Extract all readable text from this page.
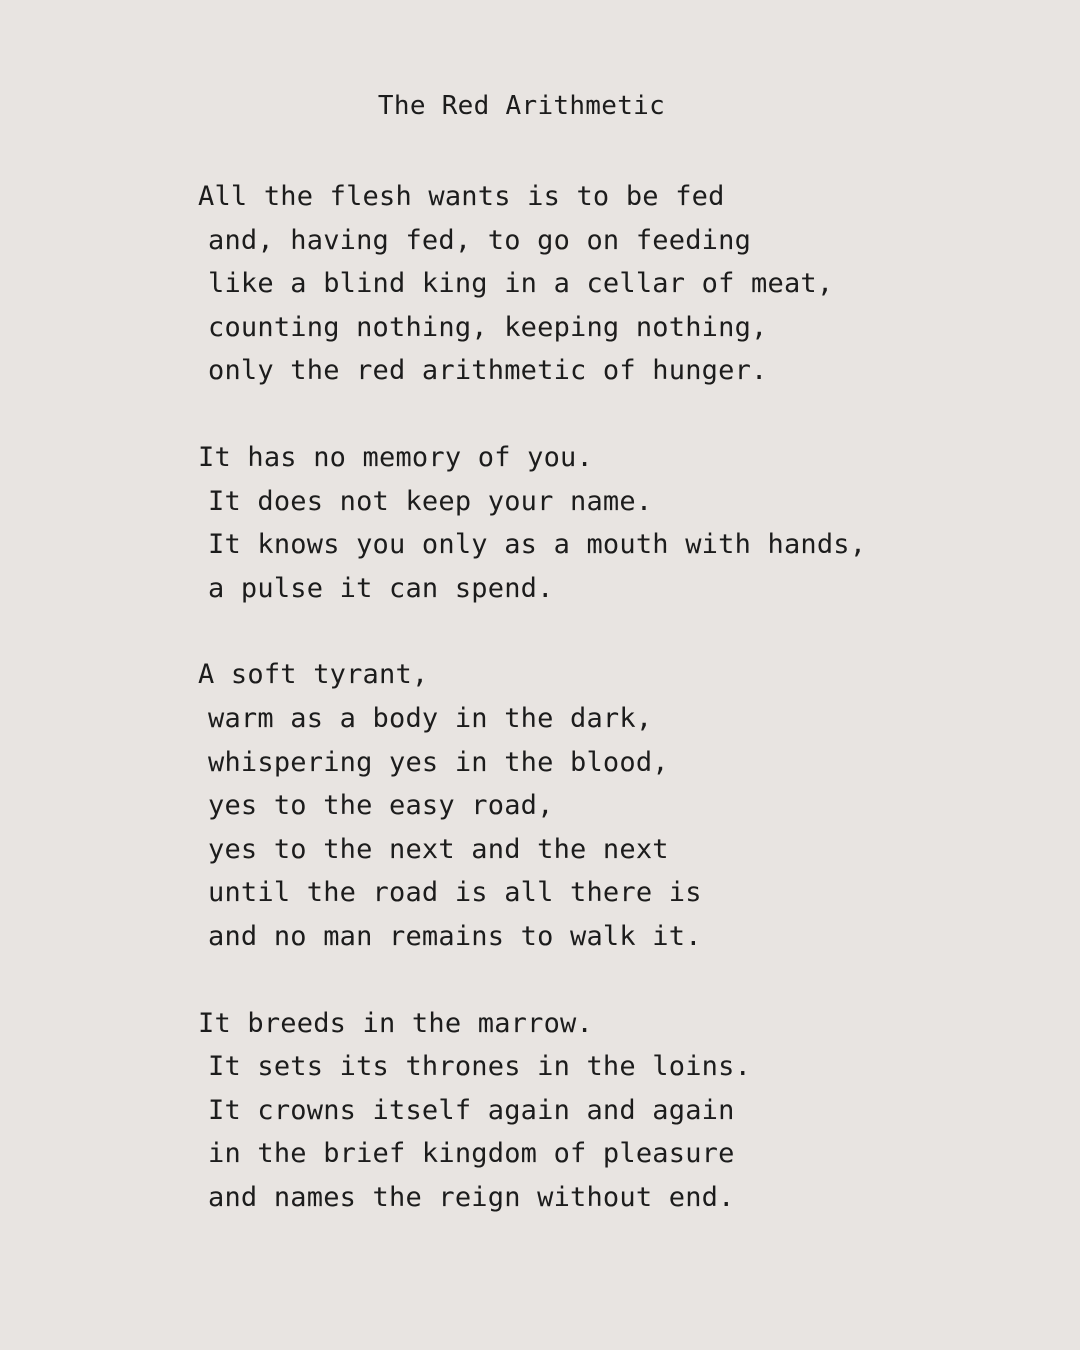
The Red Arithmetic
All the flesh wants is to be fed
and, having fed, to go on feeding
like a blind king in a cellar of meat,
counting nothing, keeping nothing,
only the red arithmetic of hunger.
It has no memory of you.
It does not keep your name.
It knows you only as a mouth with hands,
a pulse it can spend.
A soft tyrant,
warm as a body in the dark,
whispering yes in the blood,
yes to the easy road,
yes to the next and the next
until the road is all there is
and no man remains to walk it.
It breeds in the marrow.
It sets its thrones in the loins.
It crowns itself again and again
in the brief kingdom of pleasure
and names the reign without end.
